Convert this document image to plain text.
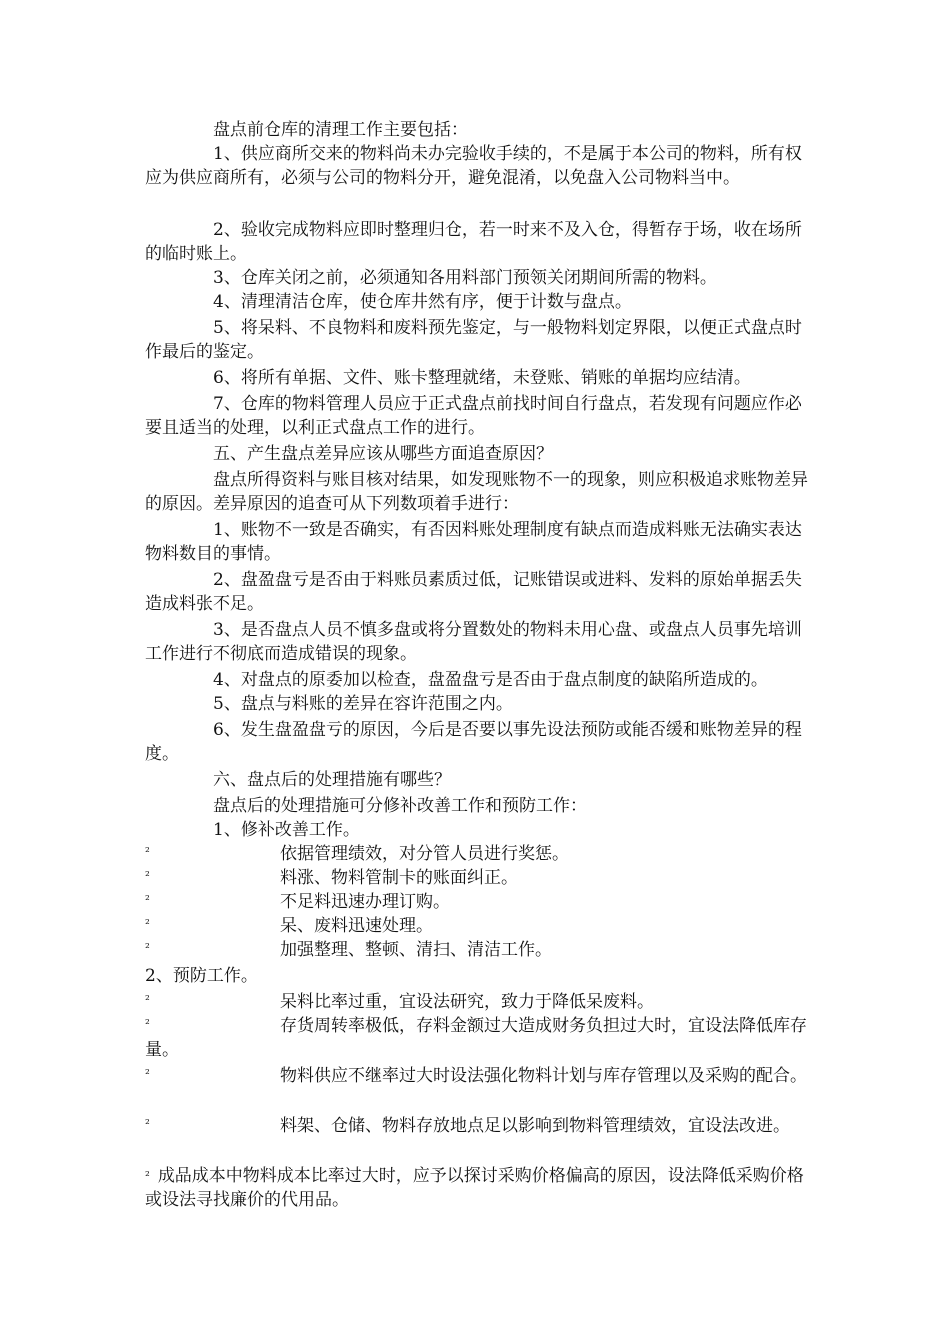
盘点前仓库的清理工作主要包括：

1、供应商所交来的物料尚未办完验收手续的，不是属于本公司的物料，所有权应为供应商所有，必须与公司的物料分开，避免混淆，以免盘入公司物料当中。

2、验收完成物料应即时整理归仓，若一时来不及入仓，得暂存于场，收在场所的临时账上。

3、仓库关闭之前，必须通知各用料部门预领关闭期间所需的物料。

4、清理清洁仓库，使仓库井然有序，便于计数与盘点。

5、将呆料、不良物料和废料预先鉴定，与一般物料划定界限，以便正式盘点时作最后的鉴定。

6、将所有单据、文件、账卡整理就绪，未登账、销账的单据均应结清。

7、仓库的物料管理人员应于正式盘点前找时间自行盘点，若发现有问题应作必要且适当的处理，以利正式盘点工作的进行。

五、产生盘点差异应该从哪些方面追查原因？

盘点所得资料与账目核对结果，如发现账物不一的现象，则应积极追求账物差异的原因。差异原因的追查可从下列数项着手进行：

1、账物不一致是否确实，有否因料账处理制度有缺点而造成料账无法确实表达物料数目的事情。

2、盘盈盘亏是否由于料账员素质过低，记账错误或进料、发料的原始单据丢失造成料张不足。

3、是否盘点人员不慎多盘或将分置数处的物料未用心盘、或盘点人员事先培训工作进行不彻底而造成错误的现象。

4、对盘点的原委加以检查，盘盈盘亏是否由于盘点制度的缺陷所造成的。

5、盘点与料账的差异在容许范围之内。

6、发生盘盈盘亏的原因，今后是否要以事先设法预防或能否缓和账物差异的程度。

六、盘点后的处理措施有哪些？

盘点后的处理措施可分修补改善工作和预防工作：

1、修补改善工作。

²	依据管理绩效，对分管人员进行奖惩。
²	料涨、物料管制卡的账面纠正。
²	不足料迅速办理订购。
²	呆、废料迅速处理。
²	加强整理、整顿、清扫、清洁工作。

2、预防工作。

²	呆料比率过重，宜设法研究，致力于降低呆废料。
²	存货周转率极低，存料金额过大造成财务负担过大时，宜设法降低库存量。
²	物料供应不继率过大时设法强化物料计划与库存管理以及采购的配合。
²	料架、仓储、物料存放地点足以影响到物料管理绩效，宜设法改进。
$^{^2}$ 成品成本中物料成本比率过大时，应予以探讨采购价格偏高的原因，设法降低采购价格或设法寻找廉价的代用品。
